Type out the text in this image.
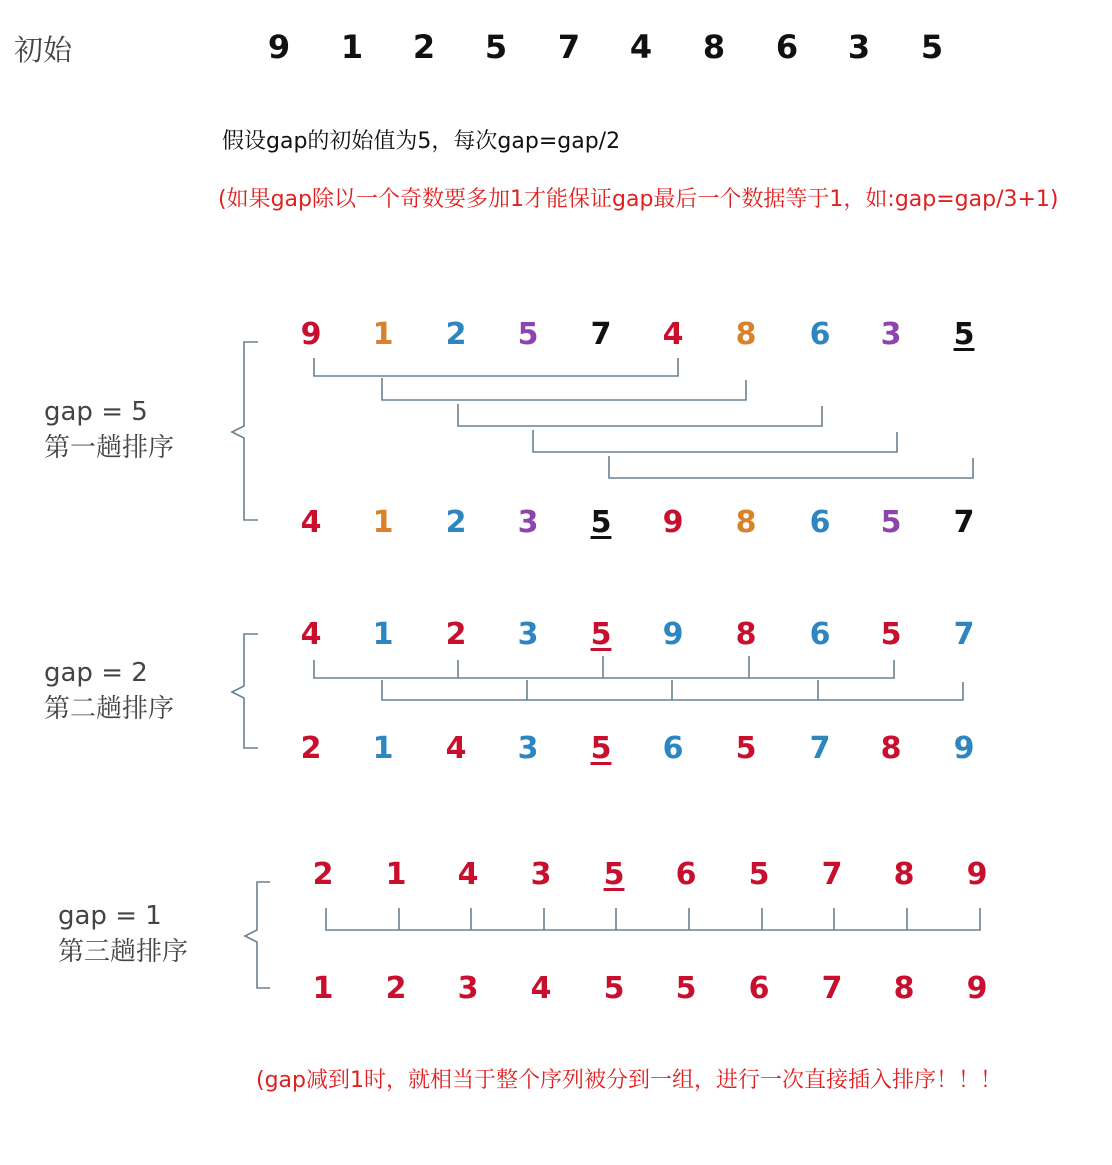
初始	9 1 2 5 7 4 8 6 3 5
假设gap的初始值为5，每次gap=gap/2
(如果gap除以一个奇数要多加1才能保证gap最后一个数据等于1，如:gap=gap/3+1)
gap = 5
第一趟排序
gap = 2
第二趟排序
gap = 1
第三趟排序
9	1	2	5	7	4	8	6	3	5
4	1	2	3	5	9	8	6	5	7
4	1	2	3	5	9	8	6	5	7
2	1	4	3	5	6	5	7	8	9
2	1	4	3	5	6	5	7	8	9
1	2	3	4	5	5	6	7	8	9
(gap减到1时，就相当于整个序列被分到一组，进行一次直接插入排序！！！
